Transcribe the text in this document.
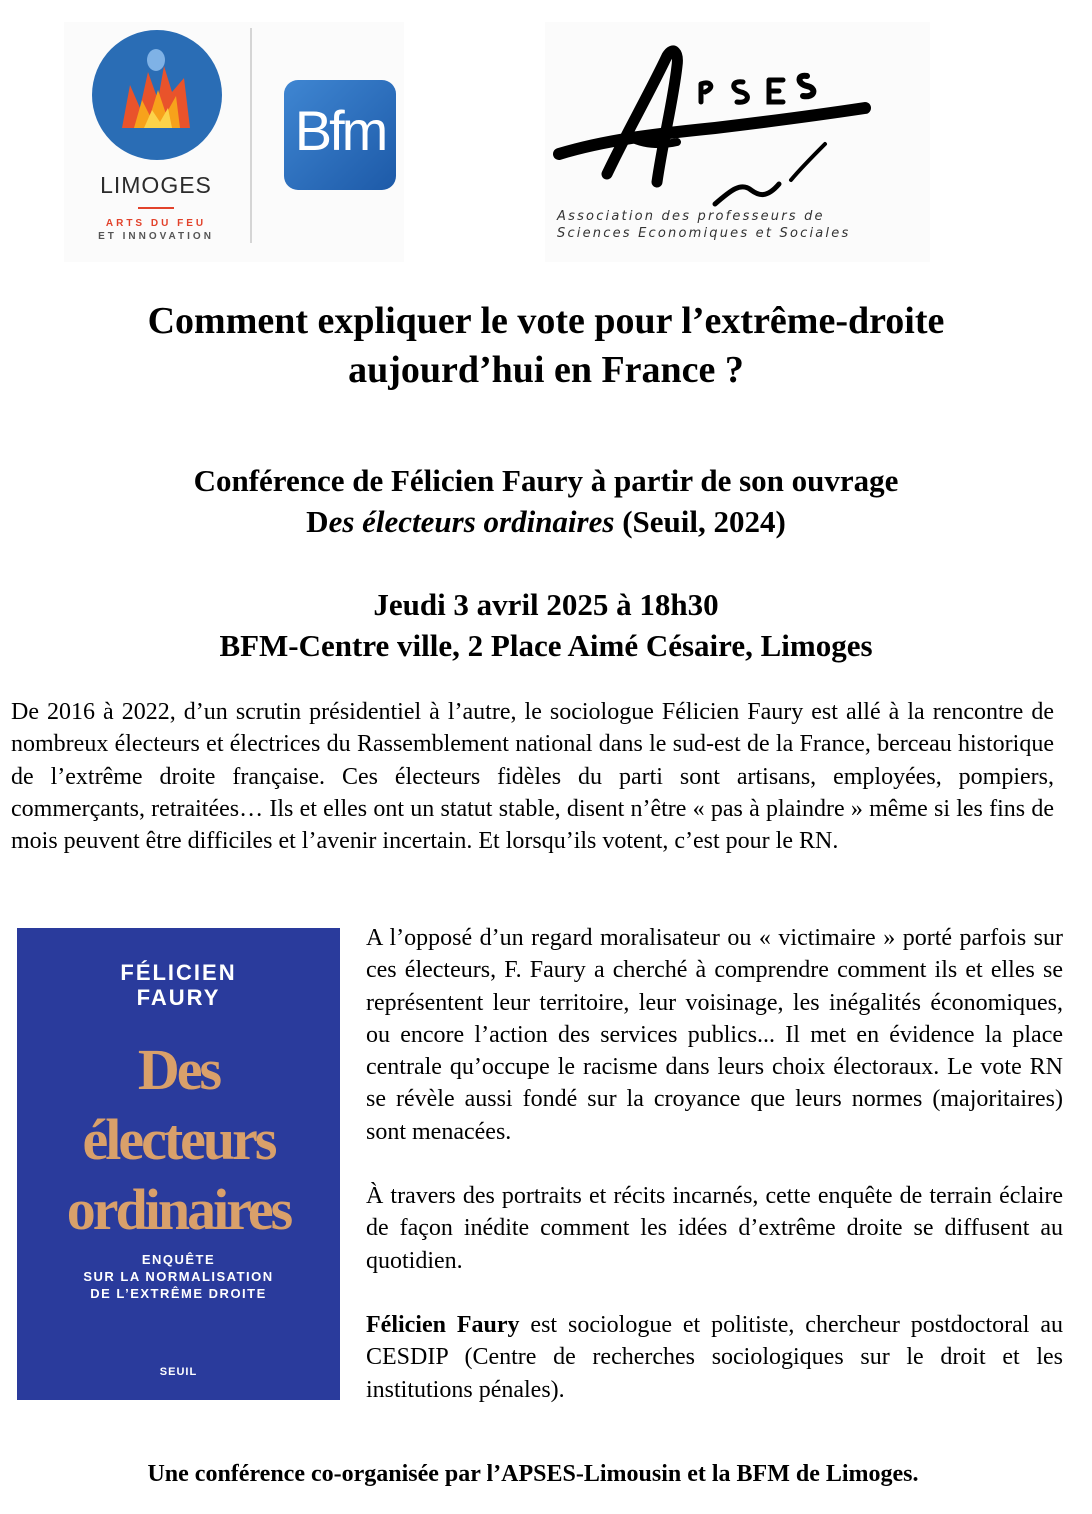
LIMOGES
ARTS DU FEU
ET INNOVATION
Bfm
Association des professeurs de
Sciences Economiques et Sociales
Comment expliquer le vote pour l’extrême-droite
aujourd’hui en France ?
Conférence de Félicien Faury à partir de son ouvrage
Des électeurs ordinaires (Seuil, 2024)
Jeudi 3 avril 2025 à 18h30
BFM-Centre ville, 2 Place Aimé Césaire, Limoges

De 2016 à 2022, d’un scrutin présidentiel à l’autre, le sociologue Félicien Faury est allé à la rencontre de nombreux électeurs et électrices du Rassemblement national dans le sud-est de la France, berceau historique de l’extrême droite française. Ces électeurs fidèles du parti sont artisans, employées, pompiers, commerçants, retraitées… Ils et elles ont un statut stable, disent n’être « pas à plaindre » même si les fins de mois peuvent être difficiles et l’avenir incertain. Et lorsqu’ils votent, c’est pour le RN.

FÉLICIEN
FAURY
Des
électeurs
ordinaires
ENQUÊTE
SUR LA NORMALISATION
DE L’EXTRÊME DROITE
SEUIL

A l’opposé d’un regard moralisateur ou « victimaire » porté parfois sur ces électeurs, F. Faury a cherché à comprendre comment ils et elles se représentent leur territoire, leur voisinage, les inégalités économiques, ou encore l’action des services publics... Il met en évidence la place centrale qu’occupe le racisme dans leurs choix électoraux. Le vote RN se révèle aussi fondé sur la croyance que leurs normes (majoritaires) sont menacées.

À travers des portraits et récits incarnés, cette enquête de terrain éclaire de façon inédite comment les idées d’extrême droite se diffusent au quotidien.

Félicien Faury est sociologue et politiste, chercheur postdoctoral au CESDIP (Centre de recherches sociologiques sur le droit et les institutions pénales).

Une conférence co-organisée par l’APSES-Limousin et la BFM de Limoges.
